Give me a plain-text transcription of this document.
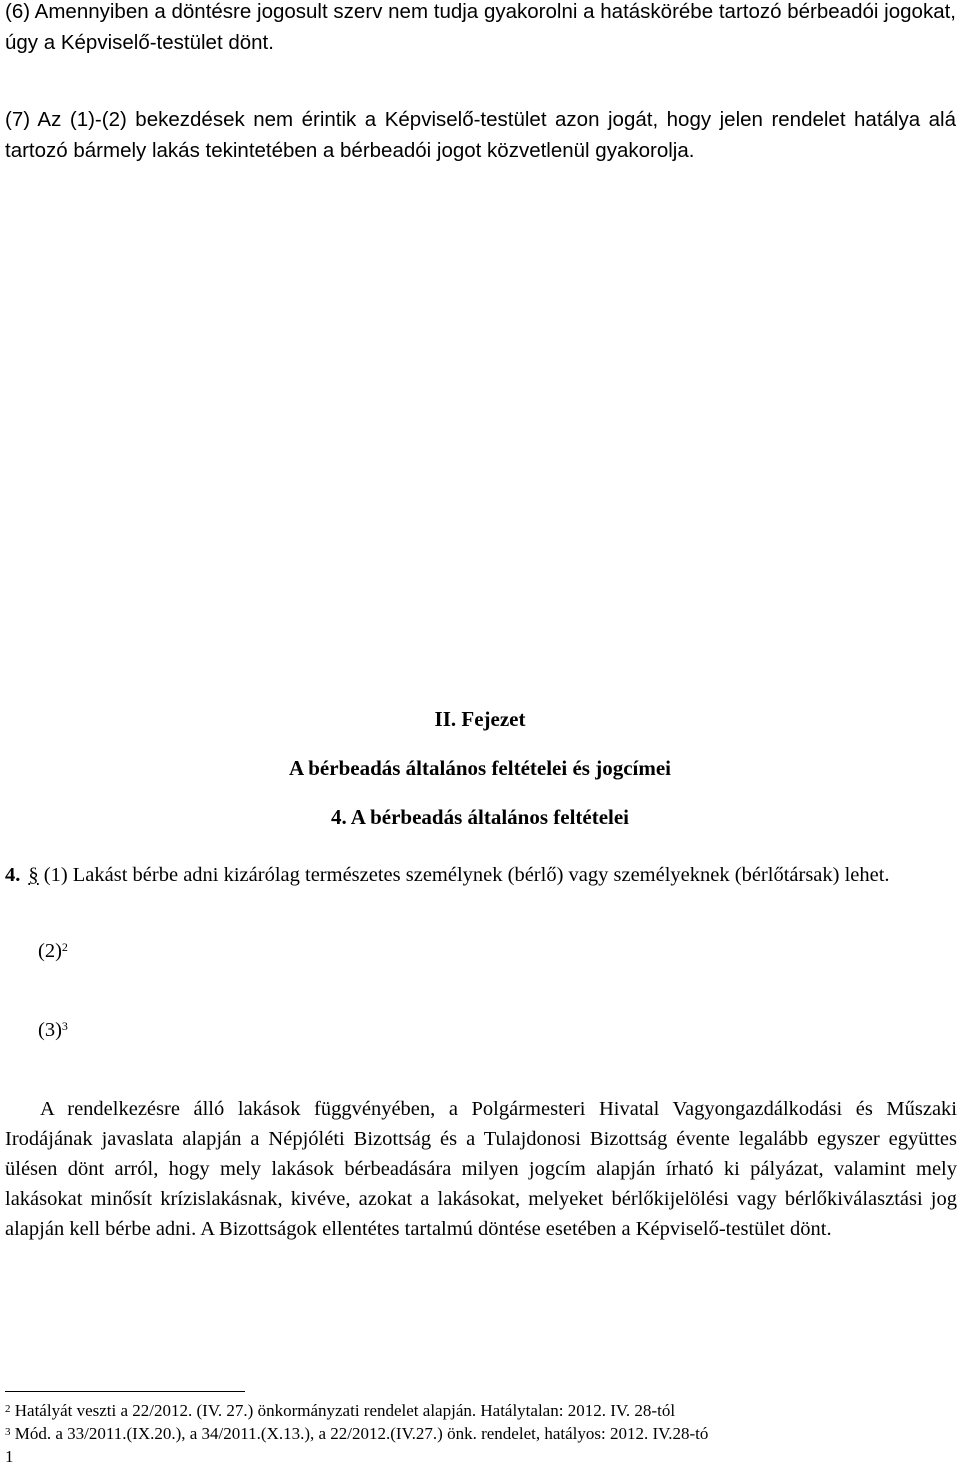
(6) Amennyiben a döntésre jogosult szerv nem tudja gyakorolni a hatáskörébe tartozó bérbeadói jogokat, úgy a Képviselő-testület dönt.
(7) Az (1)-(2) bekezdések nem érintik a Képviselő-testület azon jogát, hogy jelen rendelet hatálya alá tartozó bármely lakás tekintetében a bérbeadói jogot közvetlenül gyakorolja.
II. Fejezet
A bérbeadás általános feltételei és jogcímei
4. A bérbeadás általános feltételei
4. § (1) Lakást bérbe adni kizárólag természetes személynek (bérlő) vagy személyeknek (bérlőtársak) lehet.
$(2)^2$
$(3)^3$
A rendelkezésre álló lakások függvényében, a Polgármesteri Hivatal Vagyongazdálkodási és Műszaki Irodájának javaslata alapján a Népjóléti Bizottság és a Tulajdonosi Bizottság évente legalább egyszer együttes ülésen dönt arról, hogy mely lakások bérbeadására milyen jogcím alapján írható ki pályázat, valamint mely lakásokat minősít krízislakásnak, kivéve, azokat a lakásokat, melyeket bérlőkijelölési vagy bérlőkiválasztási jog alapján kell bérbe adni. A Bizottságok ellentétes tartalmú döntése esetében a Képviselő-testület dönt.
$^2$ Hatályát veszti a 22/2012. (IV. 27.) önkormányzati rendelet alapján. Hatálytalan: 2012. IV. 28-tól
$^3$ Mód. a 33/2011.(IX.20.), a 34/2011.(X.13.), a 22/2012.(IV.27.) önk. rendelet, hatályos: 2012. IV.28-tó
1
